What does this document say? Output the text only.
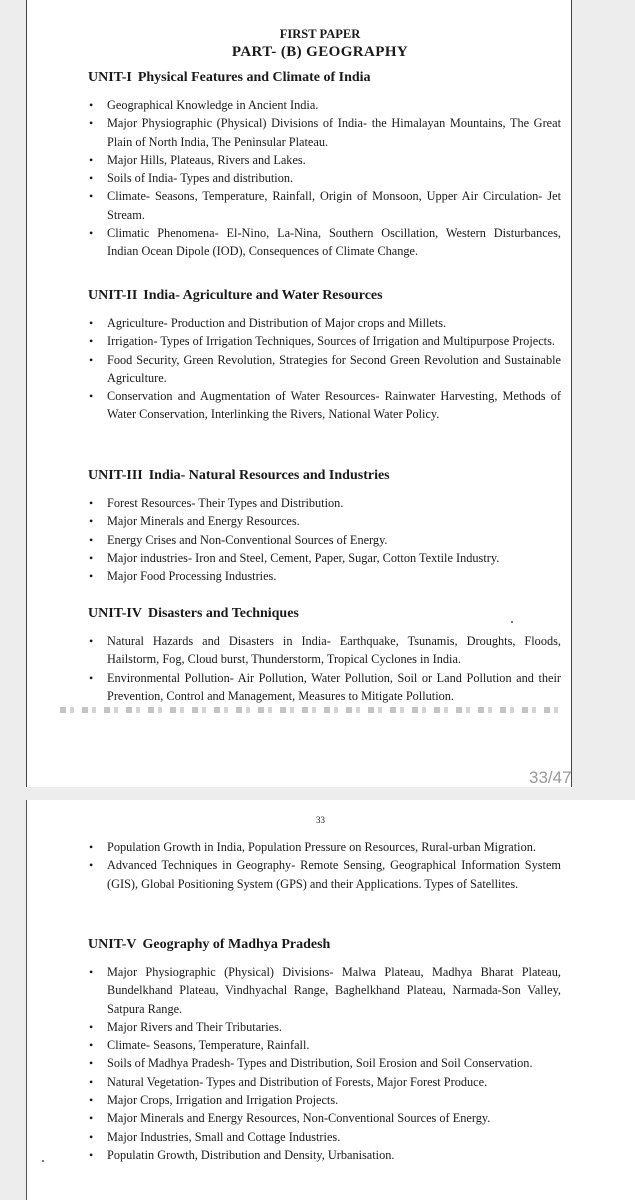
FIRST PAPER
PART- (B) GEOGRAPHY
UNIT-I Physical Features and Climate of India
• Geographical Knowledge in Ancient India.
• Major Physiographic (Physical) Divisions of India- the Himalayan Mountains, The Great Plain of North India, The Peninsular Plateau.
• Major Hills, Plateaus, Rivers and Lakes.
• Soils of India- Types and distribution.
• Climate- Seasons, Temperature, Rainfall, Origin of Monsoon, Upper Air Circulation- Jet Stream.
• Climatic Phenomena- El-Nino, La-Nina, Southern Oscillation, Western Disturbances, Indian Ocean Dipole (IOD), Consequences of Climate Change.
UNIT-II India- Agriculture and Water Resources
• Agriculture- Production and Distribution of Major crops and Millets.
• Irrigation- Types of Irrigation Techniques, Sources of Irrigation and Multipurpose Projects.
• Food Security, Green Revolution, Strategies for Second Green Revolution and Sustainable Agriculture.
• Conservation and Augmentation of Water Resources- Rainwater Harvesting, Methods of Water Conservation, Interlinking the Rivers, National Water Policy.
UNIT-III India- Natural Resources and Industries
• Forest Resources- Their Types and Distribution.
• Major Minerals and Energy Resources.
• Energy Crises and Non-Conventional Sources of Energy.
• Major industries- Iron and Steel, Cement, Paper, Sugar, Cotton Textile Industry.
• Major Food Processing Industries.
UNIT-IV Disasters and Techniques
• Natural Hazards and Disasters in India- Earthquake, Tsunamis, Droughts, Floods, Hailstorm, Fog, Cloud burst, Thunderstorm, Tropical Cyclones in India.
• Environmental Pollution- Air Pollution, Water Pollution, Soil or Land Pollution and their Prevention, Control and Management, Measures to Mitigate Pollution.
33/47
33
• Population Growth in India, Population Pressure on Resources, Rural-urban Migration.
• Advanced Techniques in Geography- Remote Sensing, Geographical Information System (GIS), Global Positioning System (GPS) and their Applications. Types of Satellites.
UNIT-V Geography of Madhya Pradesh
• Major Physiographic (Physical) Divisions- Malwa Plateau, Madhya Bharat Plateau, Bundelkhand Plateau, Vindhyachal Range, Baghelkhand Plateau, Narmada-Son Valley, Satpura Range.
• Major Rivers and Their Tributaries.
• Climate- Seasons, Temperature, Rainfall.
• Soils of Madhya Pradesh- Types and Distribution, Soil Erosion and Soil Conservation.
• Natural Vegetation- Types and Distribution of Forests, Major Forest Produce.
• Major Crops, Irrigation and Irrigation Projects.
• Major Minerals and Energy Resources, Non-Conventional Sources of Energy.
• Major Industries, Small and Cottage Industries.
• Populatin Growth, Distribution and Density, Urbanisation.
